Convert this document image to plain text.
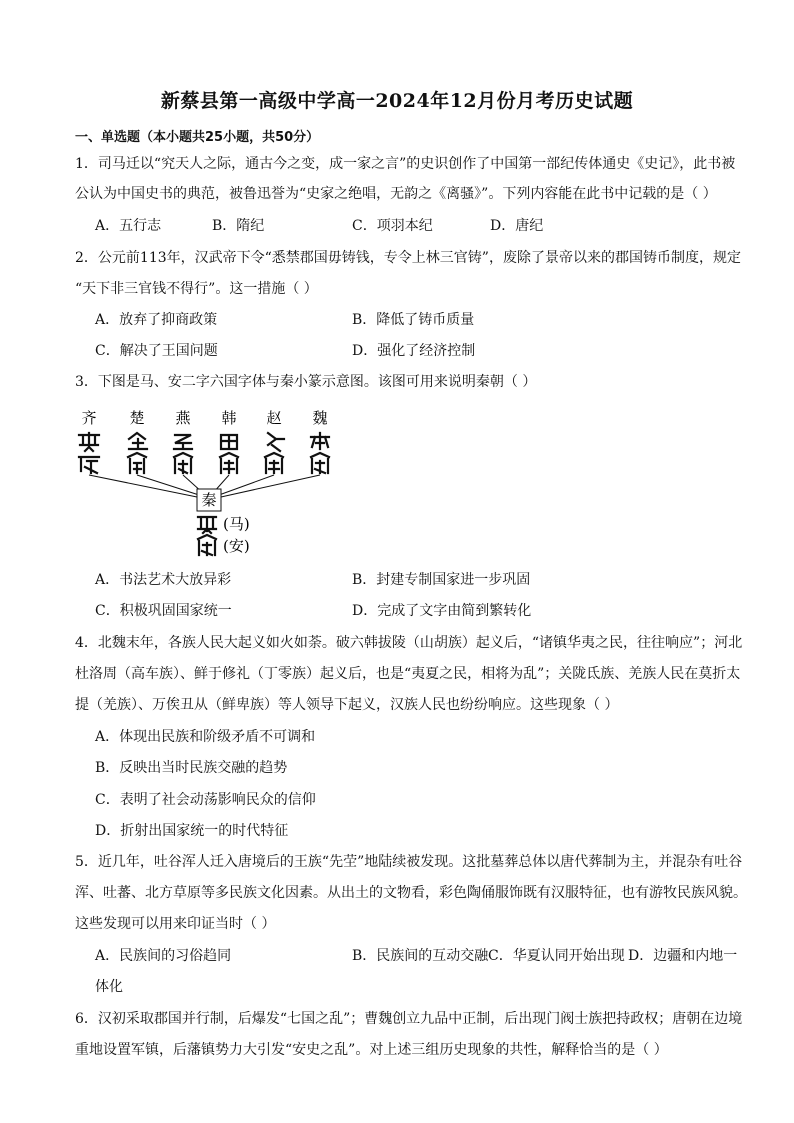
新蔡县第一高级中学高一2024年12月份月考历史试题
一、单选题（本小题共25小题，共50分）
1．司马迁以“究天人之际，通古今之变，成一家之言”的史识创作了中国第一部纪传体通史《史记》，此书被
公认为中国史书的典范，被鲁迅誉为“史家之绝唱，无韵之《离骚》”。下列内容能在此书中记载的是（ ）
A．五行志	B．隋纪	C．项羽本纪	D．唐纪
2．公元前113年，汉武帝下令“悉禁郡国毋铸钱，专令上林三官铸”，废除了景帝以来的郡国铸币制度，规定
“天下非三官钱不得行”。这一措施（ ）
A．放弃了抑商政策	B．降低了铸币质量
C．解决了王国问题	D．强化了经济控制
3．下图是马、安二字六国字体与秦小篆示意图。该图可用来说明秦朝（ ）
齐 楚 燕 韩 赵 魏
秦
(马)
(安)
A．书法艺术大放异彩	B．封建专制国家进一步巩固
C．积极巩固国家统一	D．完成了文字由简到繁转化
4．北魏末年，各族人民大起义如火如荼。破六韩拔陵（山胡族）起义后，“诸镇华夷之民，往往响应”；河北
杜洛周（高车族）、鲜于修礼（丁零族）起义后，也是“夷夏之民，相将为乱”；关陇氐族、羌族人民在莫折太
提（羌族）、万俟丑从（鲜卑族）等人领导下起义，汉族人民也纷纷响应。这些现象（ ）
A．体现出民族和阶级矛盾不可调和
B．反映出当时民族交融的趋势
C．表明了社会动荡影响民众的信仰
D．折射出国家统一的时代特征
5．近几年，吐谷浑人迁入唐境后的王族“先茔”地陆续被发现。这批墓葬总体以唐代葬制为主，并混杂有吐谷
浑、吐蕃、北方草原等多民族文化因素。从出土的文物看，彩色陶俑服饰既有汉服特征，也有游牧民族风貌。
这些发现可以用来印证当时（ ）
A．民族间的习俗趋同	B．民族间的互动交融 C．华夏认同开始出现 D．边疆和内地一
体化
6．汉初采取郡国并行制，后爆发“七国之乱”；曹魏创立九品中正制，后出现门阀士族把持政权；唐朝在边境
重地设置军镇，后藩镇势力大引发“安史之乱”。对上述三组历史现象的共性，解释恰当的是（ ）
